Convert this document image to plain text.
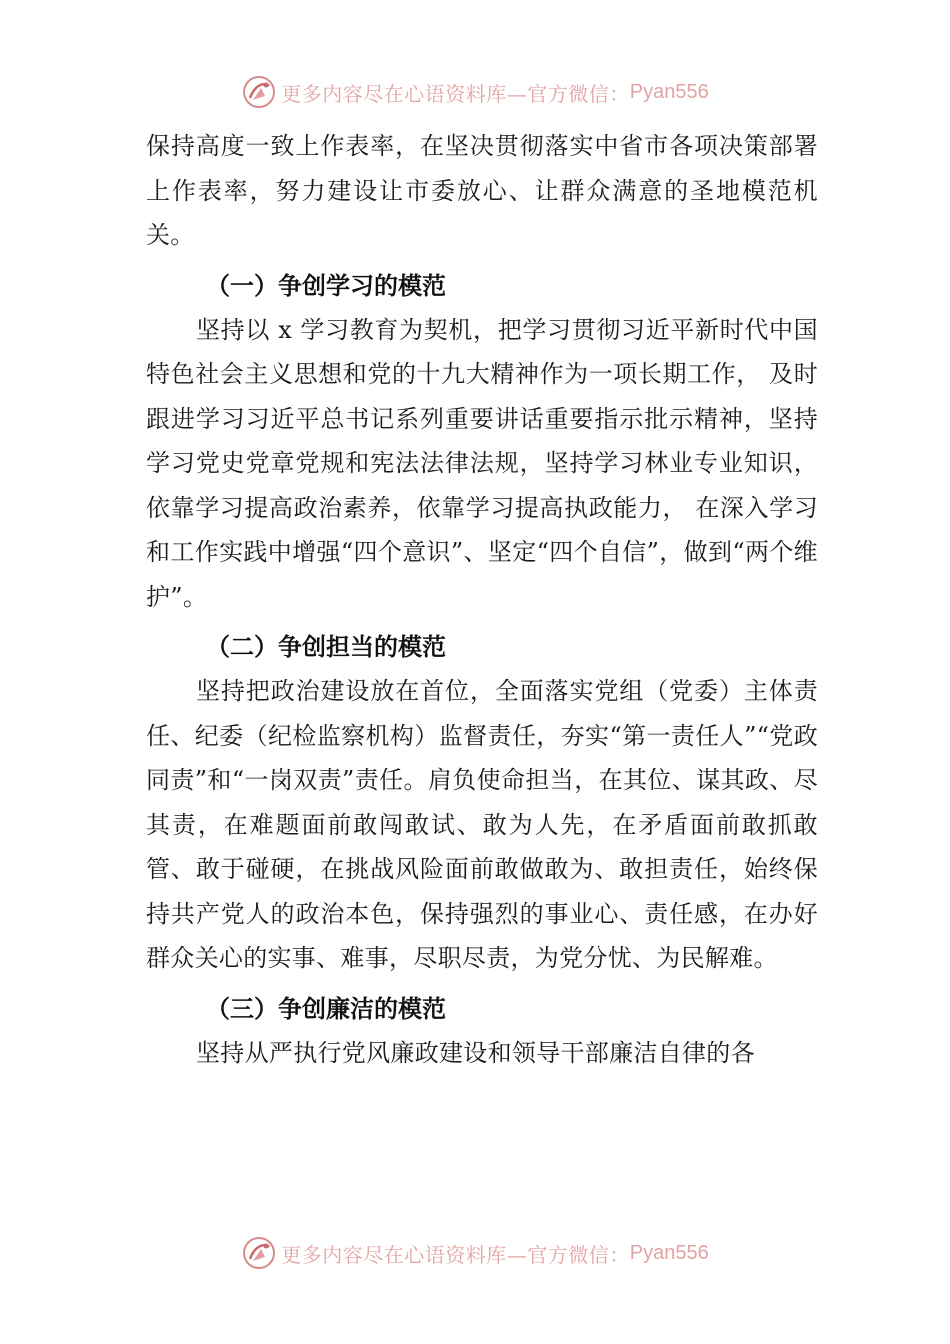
更多内容尽在心语资料库—官方微信： Pyan556

保持高度一致上作表率，在坚决贯彻落实中省市各项决策部署上作表率，努力建设让市委放心、让群众满意的圣地模范机关。

（一）争创学习的模范

坚持以 x 学习教育为契机，把学习贯彻习近平新时代中国特色社会主义思想和党的十九大精神作为一项长期工作， 及时跟进学习习近平总书记系列重要讲话重要指示批示精神，坚持学习党史党章党规和宪法法律法规，坚持学习林业专业知识，依靠学习提高政治素养，依靠学习提高执政能力， 在深入学习和工作实践中增强“四个意识”、坚定“四个自信”，做到“两个维护”。

（二）争创担当的模范

坚持把政治建设放在首位，全面落实党组（党委）主体责任、纪委（纪检监察机构）监督责任，夯实“第一责任人”“党政同责”和“一岗双责”责任。肩负使命担当，在其位、谋其政、尽其责，在难题面前敢闯敢试、敢为人先，在矛盾面前敢抓敢管、敢于碰硬，在挑战风险面前敢做敢为、敢担责任，始终保持共产党人的政治本色，保持强烈的事业心、责任感，在办好群众关心的实事、难事，尽职尽责，为党分忧、为民解难。

（三）争创廉洁的模范

坚持从严执行党风廉政建设和领导干部廉洁自律的各

更多内容尽在心语资料库—官方微信： Pyan556
